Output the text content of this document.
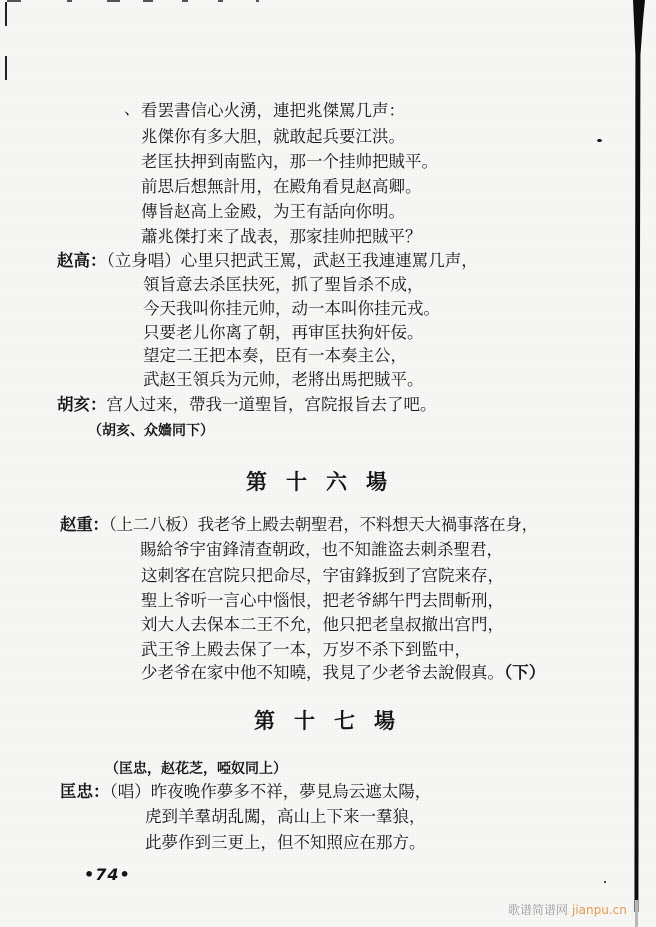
、 看罢書信心火湧，連把兆傑罵几声：
兆傑你有多大胆，就敢起兵要江洪。
老匡扶押到南監內，那一个挂帅把賊平。
前思后想無計用，在殿角看見赵高卿。
傳旨赵高上金殿，为王有話向你明。
蕭兆傑打来了战表，那家挂帅把賊平？
赵高：（立身唱）心里只把武王罵，武赵王我連連罵几声，
領旨意去杀匡扶死，抓了聖旨杀不成，
今天我叫你挂元帅，动一本叫你挂元戎。
只要老儿你离了朝，再审匡扶狗奸佞。
望定二王把本奏，臣有一本奏主公，
武赵王領兵为元帅，老將出馬把賊平。
胡亥：宫人过来，帶我一道聖旨，宫院报旨去了吧。
（胡亥、众嬙同下）
第十六場
赵重：（上二八板）我老爷上殿去朝聖君，不料想天大禍事落在身，
賜給爷宇宙鋒清查朝政，也不知誰盗去刺杀聖君，
这刺客在宫院只把命尽，宇宙鋒扳到了宫院来存，
聖上爷听一言心中惱恨，把老爷綁午門去問斬刑，
刘大人去保本二王不允，他只把老皇叔撤出宫門，
武王爷上殿去保了一本，万岁不杀下到監中，
少老爷在家中他不知曉，我見了少老爷去說假真。（下）
第十七場
（匡忠，赵花芝，啞奴同上）
匡忠：（唱）昨夜晚作夢多不祥，夢見烏云遮太陽，
虎到羊羣胡乱闖，高山上下来一羣狼，
此夢作到三更上，但不知照应在那方。
•74•
歌谱简谱网 jianpu.cn
